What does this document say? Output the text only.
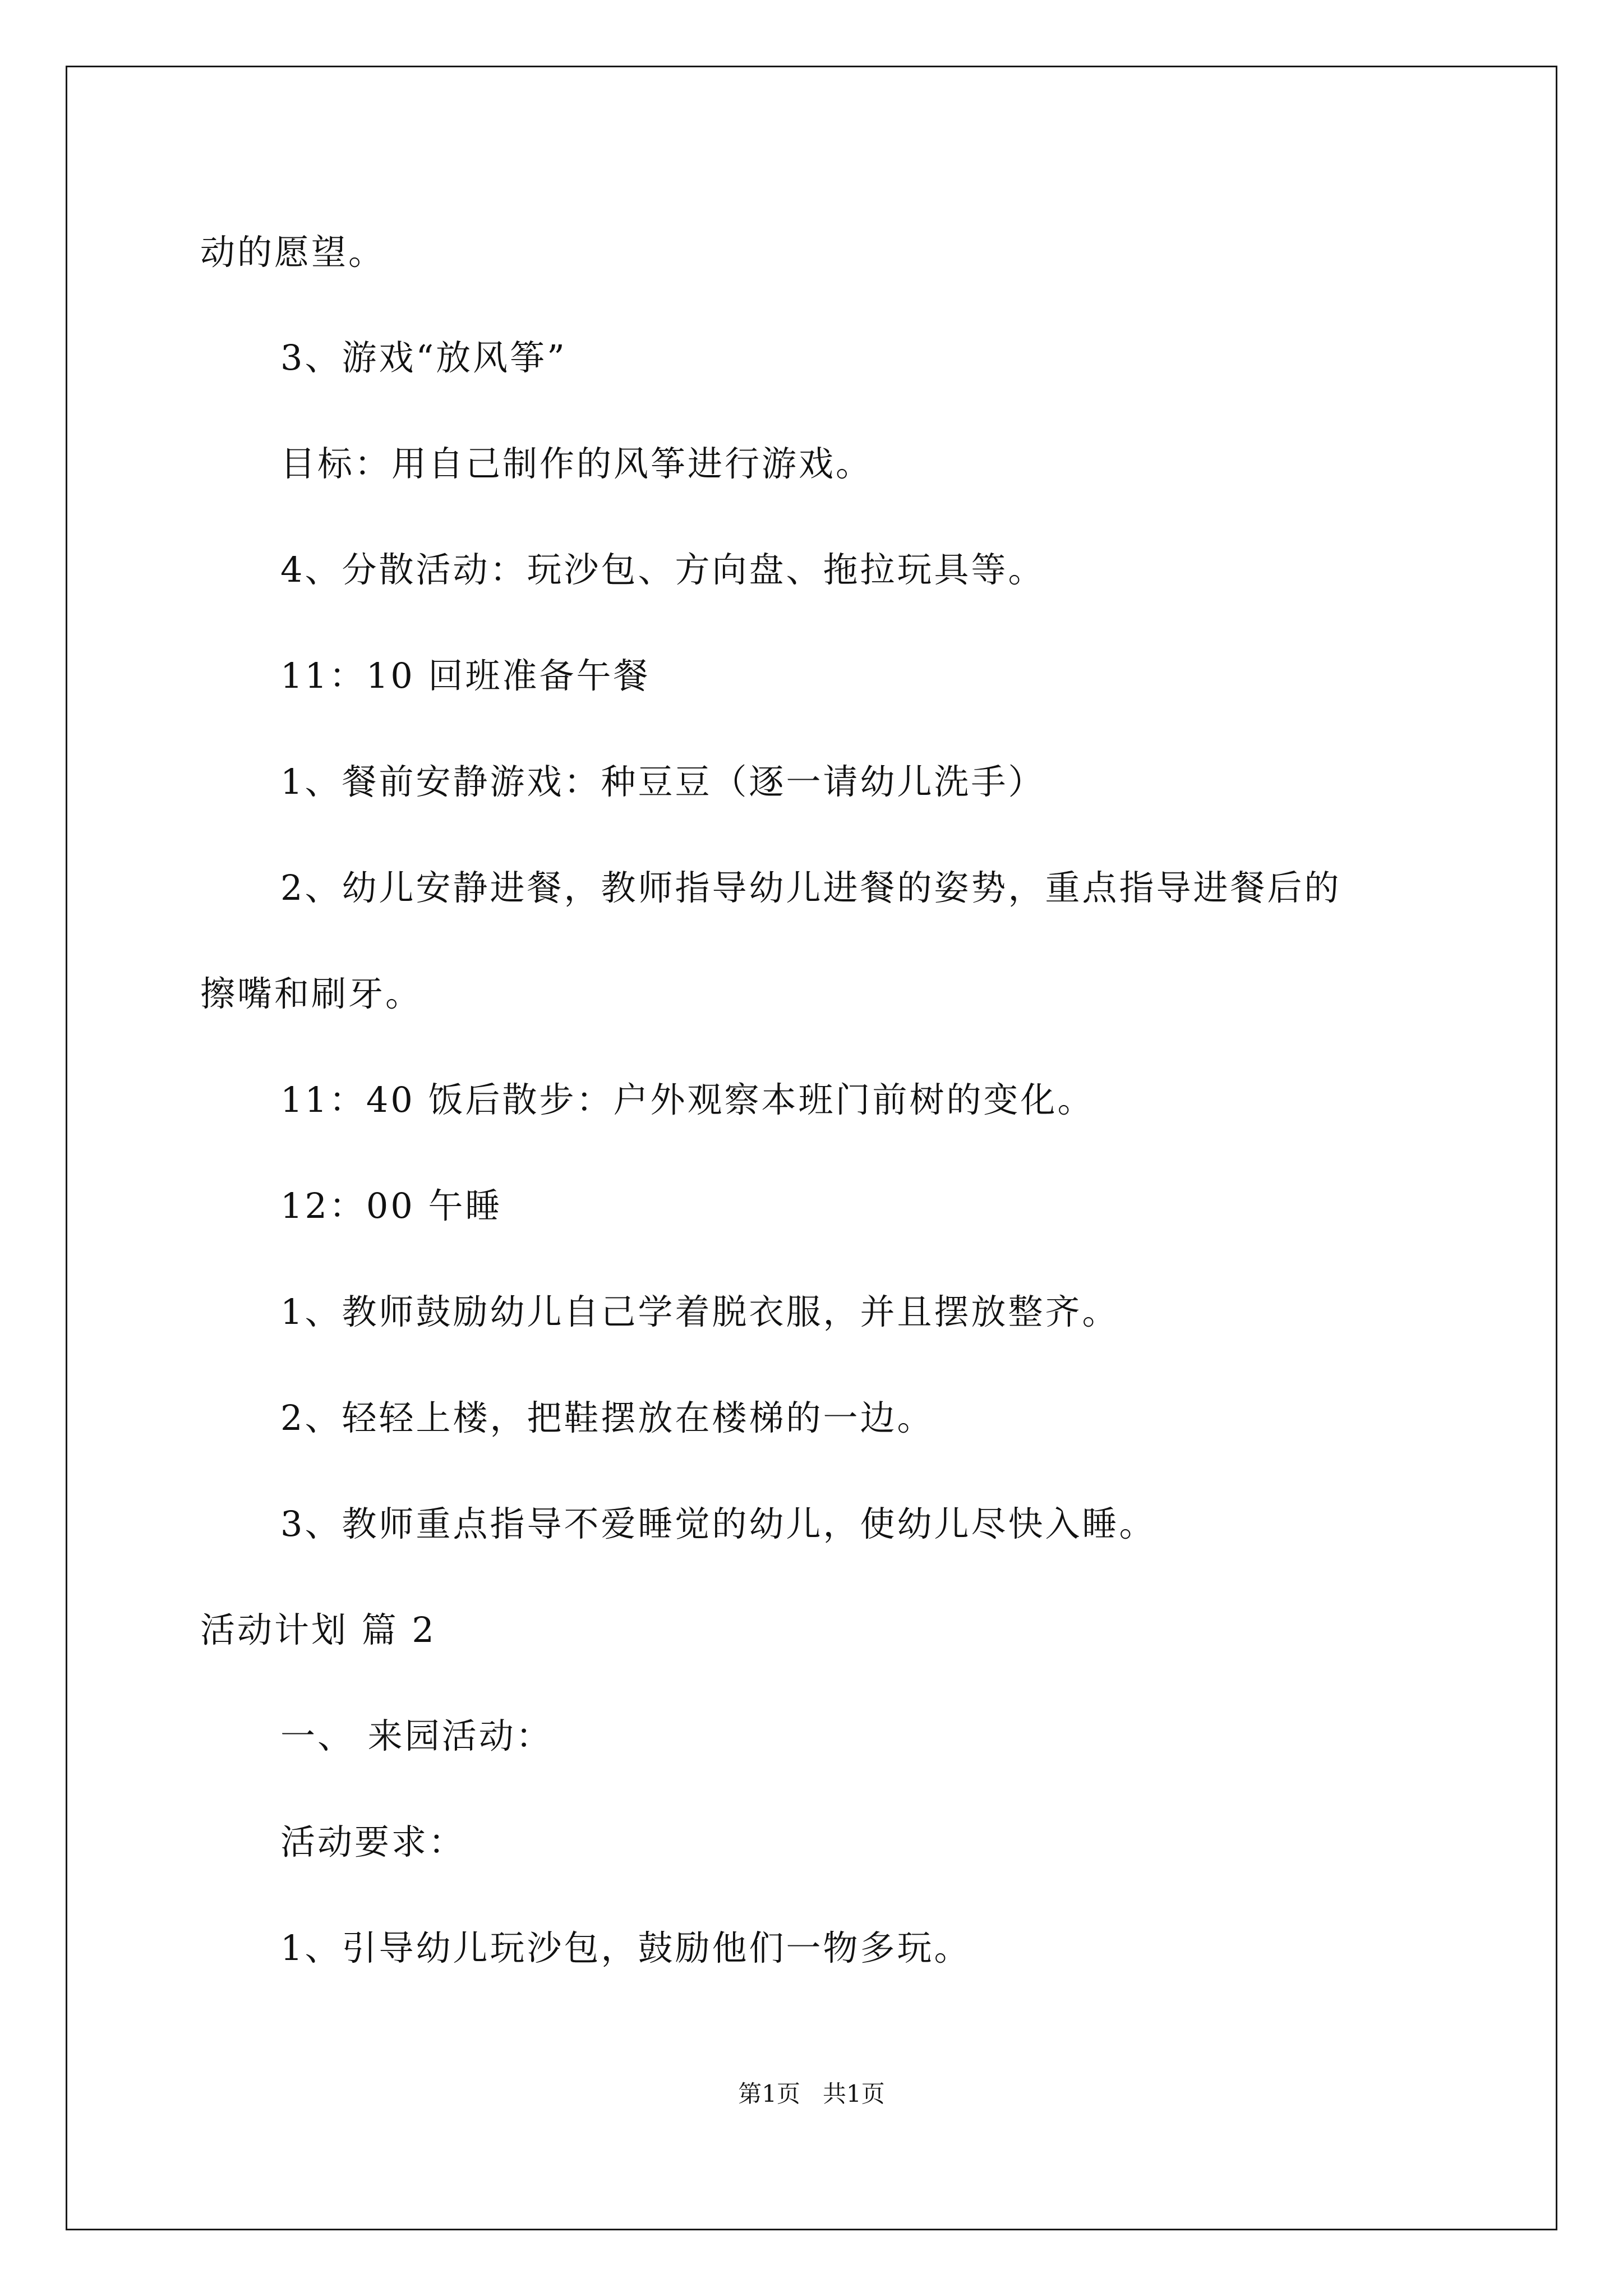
动的愿望。
3、游戏“放风筝”
目标：用自己制作的风筝进行游戏。
4、分散活动：玩沙包、方向盘、拖拉玩具等。
11：10 回班准备午餐
1、餐前安静游戏：种豆豆（逐一请幼儿洗手）
2、幼儿安静进餐，教师指导幼儿进餐的姿势，重点指导进餐后的
擦嘴和刷牙。
11：40 饭后散步：户外观察本班门前树的变化。
12：00 午睡
1、教师鼓励幼儿自己学着脱衣服，并且摆放整齐。
2、轻轻上楼，把鞋摆放在楼梯的一边。
3、教师重点指导不爱睡觉的幼儿，使幼儿尽快入睡。
活动计划 篇 2
一、 来园活动：
活动要求：
1、引导幼儿玩沙包，鼓励他们一物多玩。
第1页   共1页
